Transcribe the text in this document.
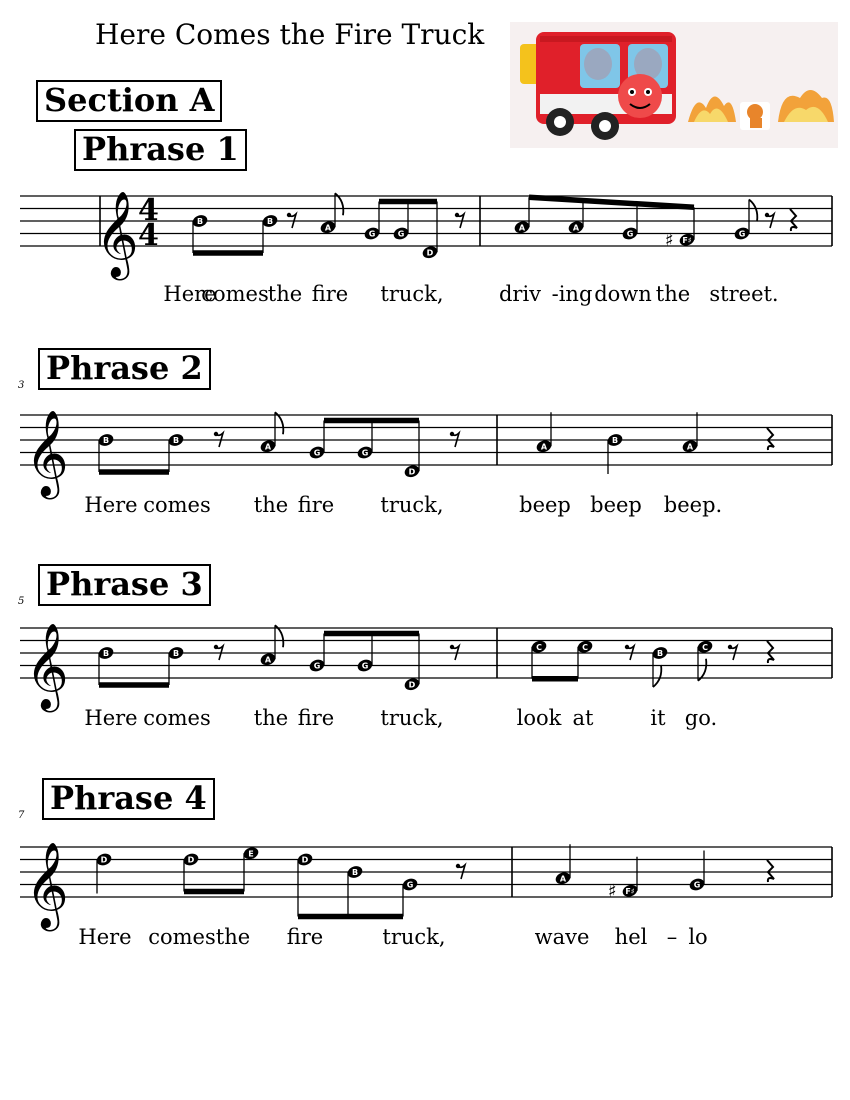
Here Comes the Fire Truck
Section A
Phrase 1
𝄞 4
4	B	B
A
G	G
D
A	A
G ♯ F♯
G
Here
comes the fire truck,	driv -ing down the street.
Phrase 2
3
𝄞	B	B
A
G	G
D
A
B
A
Here comes the fire truck,	beep beep beep.
Phrase 3
5
𝄞	B	B
A
G	G
D
C	C
B
C
Here comes the fire truck,	look at	it go.
Phrase 4
7
𝄞	D	D
E
D
B
G
A
♯ F♯
G
Here comes the fire	truck,	wave hel – lo
